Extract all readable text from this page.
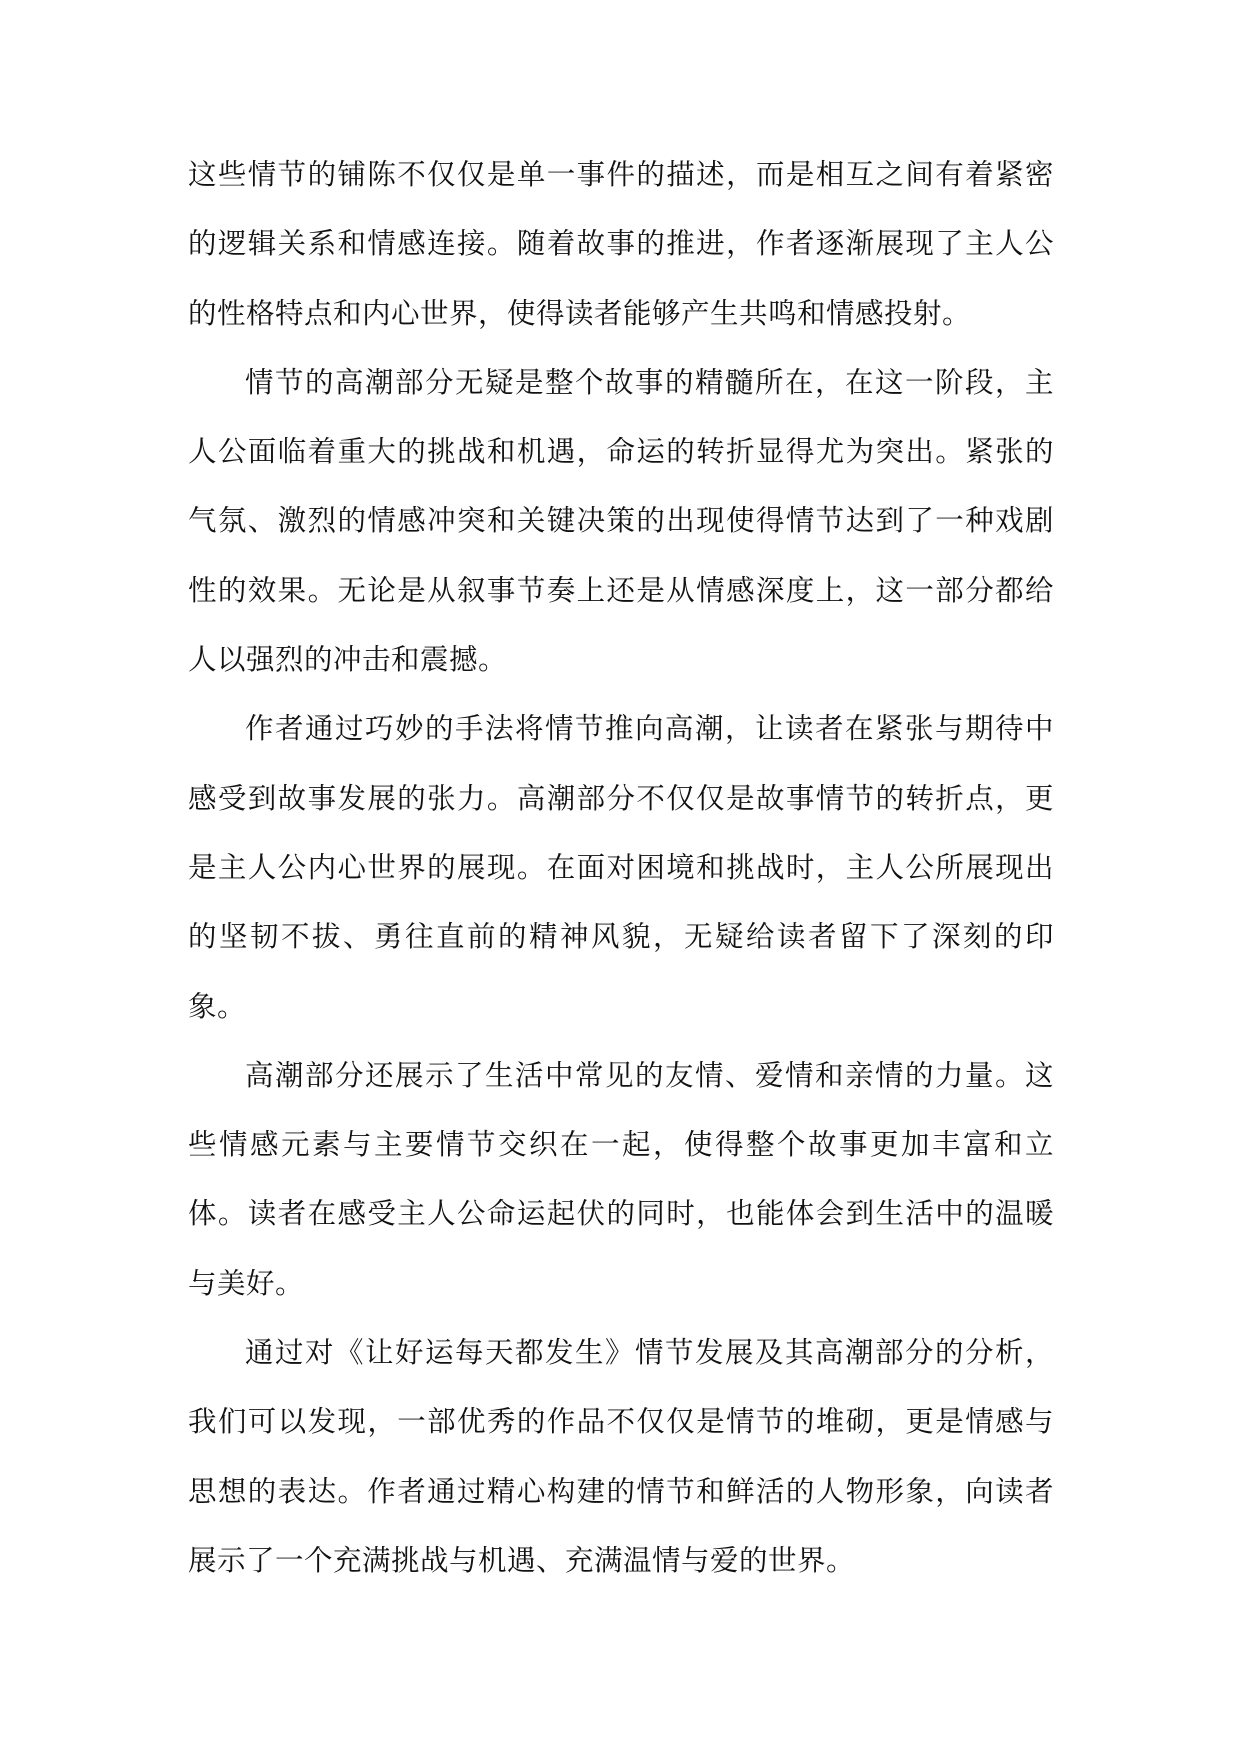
这些情节的铺陈不仅仅是单一事件的描述，而是相互之间有着紧密的逻辑关系和情感连接。随着故事的推进，作者逐渐展现了主人公的性格特点和内心世界，使得读者能够产生共鸣和情感投射。

情节的高潮部分无疑是整个故事的精髓所在，在这一阶段，主人公面临着重大的挑战和机遇，命运的转折显得尤为突出。紧张的气氛、激烈的情感冲突和关键决策的出现使得情节达到了一种戏剧性的效果。无论是从叙事节奏上还是从情感深度上，这一部分都给人以强烈的冲击和震撼。

作者通过巧妙的手法将情节推向高潮，让读者在紧张与期待中感受到故事发展的张力。高潮部分不仅仅是故事情节的转折点，更是主人公内心世界的展现。在面对困境和挑战时，主人公所展现出的坚韧不拔、勇往直前的精神风貌，无疑给读者留下了深刻的印象。

高潮部分还展示了生活中常见的友情、爱情和亲情的力量。这些情感元素与主要情节交织在一起，使得整个故事更加丰富和立体。读者在感受主人公命运起伏的同时，也能体会到生活中的温暖与美好。

通过对《让好运每天都发生》情节发展及其高潮部分的分析，我们可以发现，一部优秀的作品不仅仅是情节的堆砌，更是情感与思想的表达。作者通过精心构建的情节和鲜活的人物形象，向读者展示了一个充满挑战与机遇、充满温情与爱的世界。
